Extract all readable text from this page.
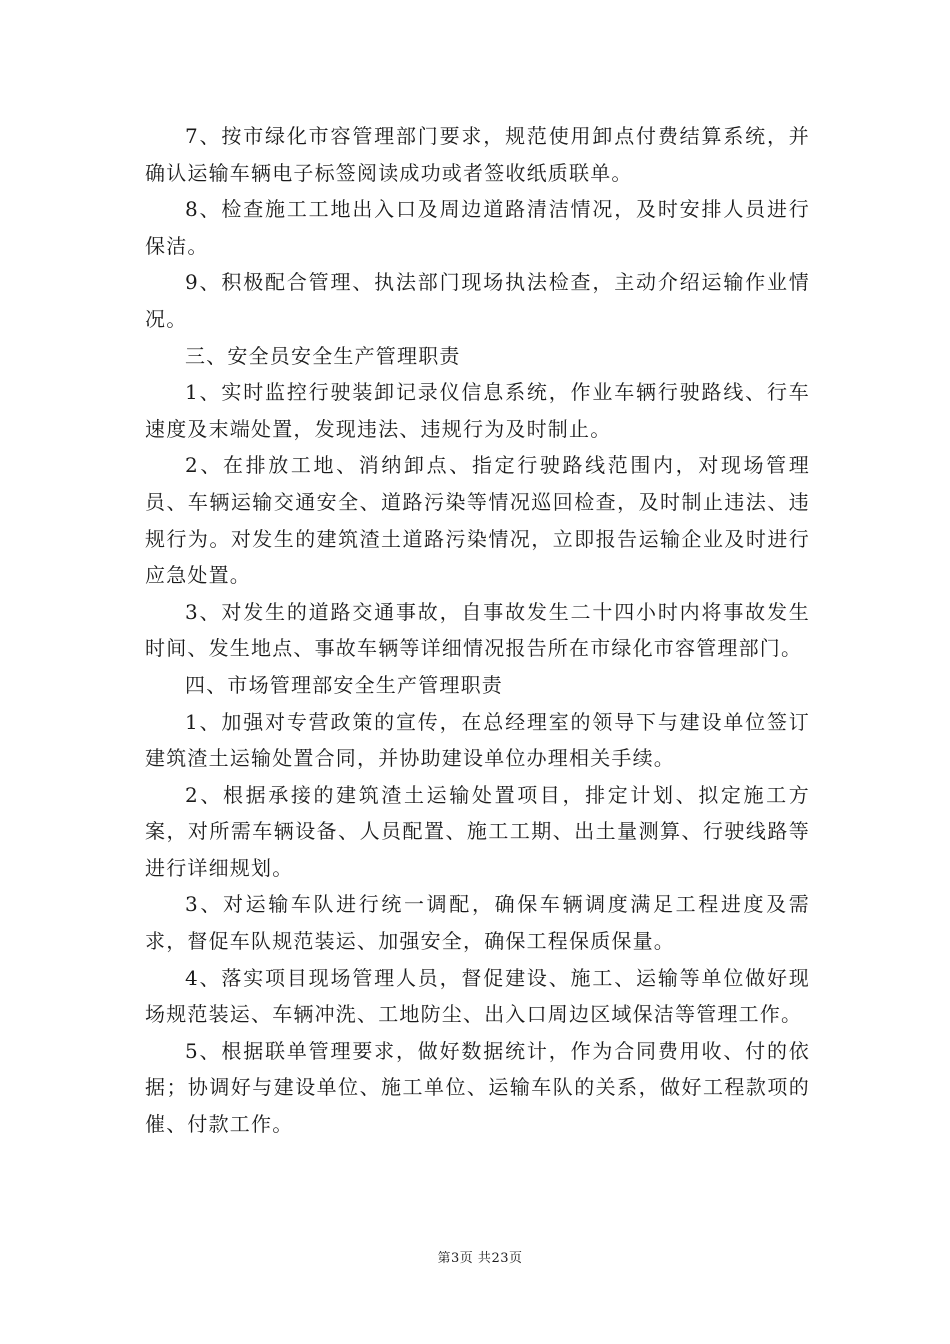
7、按市绿化市容管理部门要求，规范使用卸点付费结算系统，并确认运输车辆电子标签阅读成功或者签收纸质联单。

8、检查施工工地出入口及周边道路清洁情况，及时安排人员进行保洁。

9、积极配合管理、执法部门现场执法检查，主动介绍运输作业情况。

三、安全员安全生产管理职责

1、实时监控行驶装卸记录仪信息系统，作业车辆行驶路线、行车速度及末端处置，发现违法、违规行为及时制止。

2、在排放工地、消纳卸点、指定行驶路线范围内，对现场管理员、车辆运输交通安全、道路污染等情况巡回检查，及时制止违法、违规行为。对发生的建筑渣土道路污染情况，立即报告运输企业及时进行应急处置。

3、对发生的道路交通事故，自事故发生二十四小时内将事故发生时间、发生地点、事故车辆等详细情况报告所在市绿化市容管理部门。

四、市场管理部安全生产管理职责

1、加强对专营政策的宣传，在总经理室的领导下与建设单位签订建筑渣土运输处置合同，并协助建设单位办理相关手续。

2、根据承接的建筑渣土运输处置项目，排定计划、拟定施工方案，对所需车辆设备、人员配置、施工工期、出土量测算、行驶线路等进行详细规划。

3、对运输车队进行统一调配，确保车辆调度满足工程进度及需求，督促车队规范装运、加强安全，确保工程保质保量。

4、落实项目现场管理人员，督促建设、施工、运输等单位做好现场规范装运、车辆冲洗、工地防尘、出入口周边区域保洁等管理工作。

5、根据联单管理要求，做好数据统计，作为合同费用收、付的依据；协调好与建设单位、施工单位、运输车队的关系，做好工程款项的催、付款工作。

第3页 共23页
